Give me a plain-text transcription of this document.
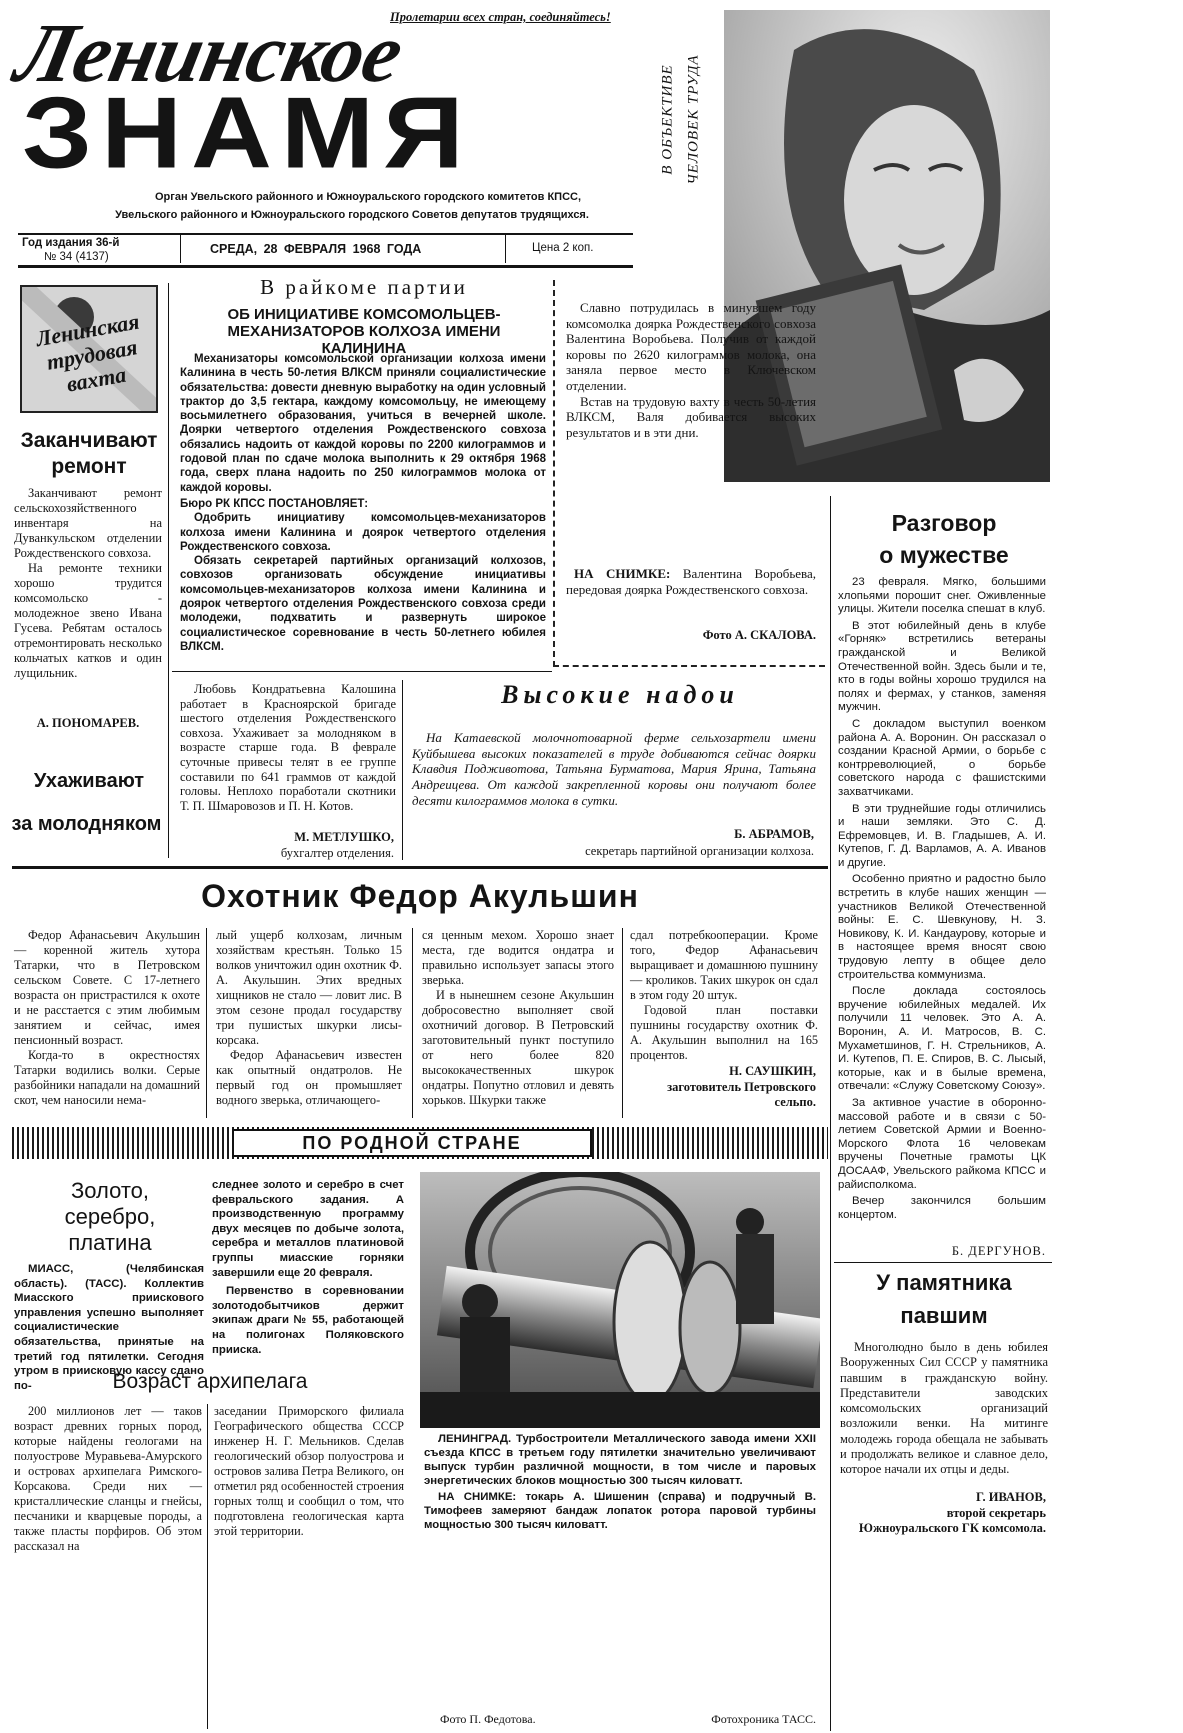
Пролетарии всех стран, соединяйтесь!
Ленинское
ЗНАМЯ
Орган Увельского районного и Южноуральского городского комитетов КПСС,
Увельского районного и Южноуральского городского Советов депутатов трудящихся.
Год издания 36-й
№ 34 (4137)
СРЕДА, 28 ФЕВРАЛЯ 1968 ГОДА	Цена 2 коп.
В ОБЪЕКТИВЕ ЧЕЛОВЕК ТРУДА
Ленинская трудовая вахта
Заканчивают ремонт

Заканчивают ремонт сельскохозяйственного инвентаря на Дуванкульском отделении Рождественского совхоза.

На ремонте техники хорошо трудится комсомольско - молодежное звено Ивана Гусева. Ребятам осталось отремонтировать несколько кольчатых катков и один лущильник.

А. ПОНОМАРЕВ.
Ухаживают
за молодняком
В райкоме партии
ОБ ИНИЦИАТИВЕ КОМСОМОЛЬЦЕВ-МЕХАНИЗАТОРОВ КОЛХОЗА ИМЕНИ КАЛИНИНА

Механизаторы комсомольской организации колхоза имени Калинина в честь 50-летия ВЛКСМ приняли социалистические обязательства: довести дневную выработку на один условный трактор до 3,5 гектара, каждому комсомольцу, не имеющему восьмилетнего образования, учиться в вечерней школе. Доярки четвертого отделения Рождественского совхоза обязались надоить от каждой коровы по 2200 килограммов и годовой план по сдаче молока выполнить к 29 октября 1968 года, сверх плана надоить по 250 килограммов молока от каждой коровы.

Бюро РК КПСС ПОСТАНОВЛЯЕТ:

Одобрить инициативу комсомольцев-механизаторов колхоза имени Калинина и доярок четвертого отделения Рождественского совхоза.

Обязать секретарей партийных организаций колхозов, совхозов организовать обсуждение инициативы комсомольцев-механизаторов колхоза имени Калинина и доярок четвертого отделения Рождественского совхоза среди молодежи, подхватить и развернуть широкое социалистическое соревнование в честь 50-летнего юбилея ВЛКСМ.

Славно потрудилась в минувшем году комсомолка доярка Рождественского совхоза Валентина Воробьева. Получив от каждой коровы по 2620 килограммов молока, она заняла первое место в Ключевском отделении.

Встав на трудовую вахту в честь 50-летия ВЛКСМ, Валя добивается высоких результатов и в эти дни.

НА СНИМКЕ: Валентина Воробьева, передовая доярка Рождественского совхоза.

Фото А. СКАЛОВА.

Любовь Кондратьевна Калошина работает в Красноярской бригаде шестого отделения Рождественского совхоза. Ухаживает за молодняком в возрасте старше года. В феврале суточные привесы телят в ее группе составили по 641 граммов от каждой головы. Неплохо поработали скотники Т. П. Шмаровозов и П. Н. Котов.

М. МЕТЛУШКО,
бухгалтер отделения.
Высокие надои

На Катаевской молочнотоварной ферме сельхозартели имени Куйбышева высоких показателей в труде добиваются сейчас доярки Клавдия Подживотова, Татьяна Бурматова, Мария Ярина, Татьяна Андреицева. От каждой закрепленной коровы они получают более десяти килограммов молока в сутки.

Б. АБРАМОВ,
секретарь партийной организации колхоза.
Разговор
о мужестве

23 февраля. Мягко, большими хлопьями порошит снег. Оживленные улицы. Жители поселка спешат в клуб.

В этот юбилейный день в клубе «Горняк» встретились ветераны гражданской и Великой Отечественной войн. Здесь были и те, кто в годы войны хорошо трудился на полях и фермах, у станков, заменяя мужчин.

С докладом выступил военком района А. А. Воронин. Он рассказал о создании Красной Армии, о борьбе с контрреволюцией, о борьбе советского народа с фашистскими захватчиками.

В эти труднейшие годы отличились и наши земляки. Это С. Д. Ефремовцев, И. В. Гладышев, А. И. Кутепов, Г. Д. Варламов, А. А. Иванов и другие.

Особенно приятно и радостно было встретить в клубе наших женщин — участников Великой Отечественной войны: Е. С. Шевкунову, Н. З. Новикову, К. И. Кандаурову, которые и в настоящее время вносят свою трудовую лепту в общее дело строительства коммунизма.

После доклада состоялось вручение юбилейных медалей. Их получили 11 человек. Это А. А. Воронин, А. И. Матросов, В. С. Мухаметшинов, Г. Н. Стрельников, А. И. Кутепов, П. Е. Спиров, В. С. Лысый, которые, как и в былые времена, отвечали: «Служу Советскому Союзу».

За активное участие в оборонно-массовой работе и в связи с 50-летием Советской Армии и Военно-Морского Флота 16 человекам вручены Почетные грамоты ЦК ДОСААФ, Увельского райкома КПСС и райисполкома.

Вечер закончился большим концертом.

Б. ДЕРГУНОВ.
У памятника
павшим

Многолюдно было в день юбилея Вооруженных Сил СССР у памятника павшим в гражданскую войну. Представители заводских комсомольских организаций возложили венки. На митинге молодежь города обещала не забывать и продолжать великое и славное дело, которое начали их отцы и деды.

Г. ИВАНОВ,
второй секретарь Южноуральского ГК комсомола.
Охотник Федор Акульшин

Федор Афанасьевич Акульшин — коренной житель хутора Татарки, что в Петровском сельском Совете. С 17-летнего возраста он пристрастился к охоте и не расстается с этим любимым занятием и сейчас, имея пенсионный возраст.

Когда-то в окрестностях Татарки водились волки. Серые разбойники нападали на домашний скот, чем наносили нема-

лый ущерб колхозам, личным хозяйствам крестьян. Только 15 волков уничтожил один охотник Ф. А. Акульшин. Этих вредных хищников не стало — ловит лис. В этом сезоне продал государству три пушистых шкурки лисы-корсака.

Федор Афанасьевич известен как опытный ондатролов. Не первый год он промышляет водного зверька, отличающего-

ся ценным мехом. Хорошо знает места, где водится ондатра и правильно использует запасы этого зверька.

И в нынешнем сезоне Акульшин добросовестно выполняет свой охотничий договор. В Петровский заготовительный пункт поступило от него более 820 высококачественных шкурок ондатры. Попутно отловил и девять хорьков. Шкурки также

сдал потребкооперации. Кроме того, Федор Афанасьевич выращивает и домашнюю пушнину — кроликов. Таких шкурок он сдал в этом году 20 штук.

Годовой план поставки пушнины государству охотник Ф. А. Акульшин выполнил на 165 процентов.

Н. САУШКИН,
заготовитель Петровского сельпо.
ПО РОДНОЙ СТРАНЕ
Золото,
серебро,
платина

МИАСС, (Челябинская область). (ТАСС). Коллектив Миасского приискового управления успешно выполняет социалистические обязательства, принятые на третий год пятилетки. Сегодня утром в приисковую кассу сдано по-

следнее золото и серебро в счет февральского задания. А производственную программу двух месяцев по добыче золота, серебра и металлов платиновой группы миасские горняки завершили еще 20 февраля.

Первенство в соревновании золотодобытчиков держит экипаж драги № 55, работающей на полигонах Поляковского прииска.

Возраст архипелага

200 миллионов лет — таков возраст древних горных пород, которые найдены геологами на полуострове Муравьева-Амурского и островах архипелага Римского-Корсакова. Среди них — кристаллические сланцы и гнейсы, песчаники и кварцевые породы, а также пласты порфиров. Об этом рассказал на

заседании Приморского филиала Географического общества СССР инженер Н. Г. Мельников. Сделав геологический обзор полуострова и островов залива Петра Великого, он отметил ряд особенностей строения горных толщ и сообщил о том, что подготовлена геологическая карта этой территории.

ЛЕНИНГРАД. Турбостроители Металлического завода имени XXII съезда КПСС в третьем году пятилетки значительно увеличивают выпуск турбин различной мощности, в том числе и паровых энергетических блоков мощностью 300 тысяч киловатт.

НА СНИМКЕ: токарь А. Шишенин (справа) и подручный В. Тимофеев замеряют бандаж лопаток ротора паровой турбины мощностью 300 тысяч киловатт.

Фото П. Федотова.	Фотохроника ТАСС.
